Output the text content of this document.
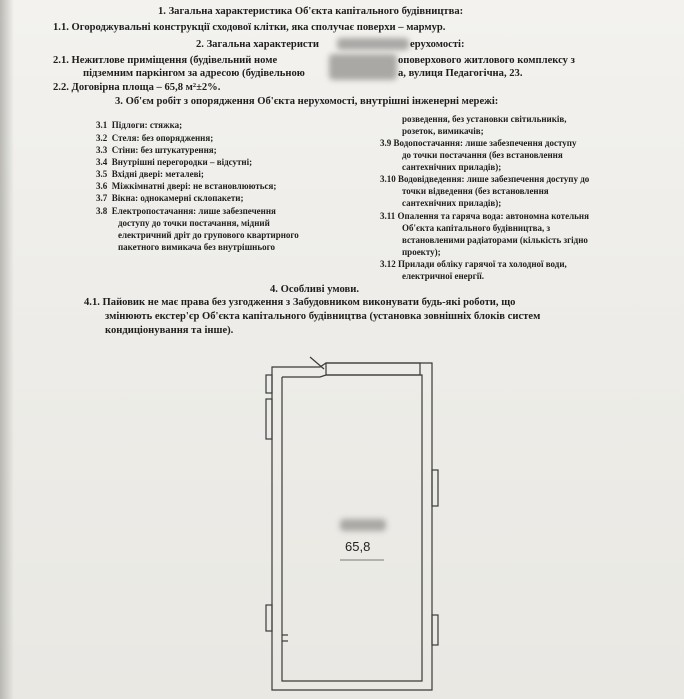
1. Загальна характеристика Об'єкта капітального будівництва:
1.1. Огороджувальні конструкції сходової клітки, яка сполучає поверхи – мармур.
2. Загальна характеристи	ерухомості:
2.1. Нежитлове приміщення (будівельний номе	оповерхового житлового комплексу з
підземним паркінгом за адресою (будівельною	а, вулиця Педагогічна, 23.
2.2. Договірна площа – 65,8 м²±2%.
3. Об'єм робіт з опорядження Об'єкта нерухомості, внутрішні інженерні мережі:
3.1 Підлоги: стяжка;
3.2 Стеля: без опорядження;
3.3 Стіни: без штукатурення;
3.4 Внутрішні перегородки – відсутні;
3.5 Вхідні двері: металеві;
3.6 Міжкімнатні двері: не встановлюються;
3.7 Вікна: однокамерні склопакети;
3.8 Електропостачання: лише забезпечення
доступу до точки постачання, мідний
електричний дріт до групового квартирного
пакетного вимикача без внутрішнього
розведення, без установки світильників,
розеток, вимикачів;
3.9 Водопостачання: лише забезпечення доступу
до точки постачання (без встановлення
сантехнічних приладів);
3.10 Водовідведення: лише забезпечення доступу до
точки відведення (без встановлення
сантехнічних приладів);
3.11 Опалення та гаряча вода: автономна котельня
Об'єкта капітального будівництва, з
встановленими радіаторами (кількість згідно
проекту);
3.12 Прилади обліку гарячої та холодної води,
електричної енергії.
4. Особливі умови.
4.1. Пайовик не має права без узгодження з Забудовником виконувати будь-які роботи, що
змінюють екстер'єр Об'єкта капітального будівництва (установка зовнішніх блоків систем
кондиціонування та інше).
65,8
